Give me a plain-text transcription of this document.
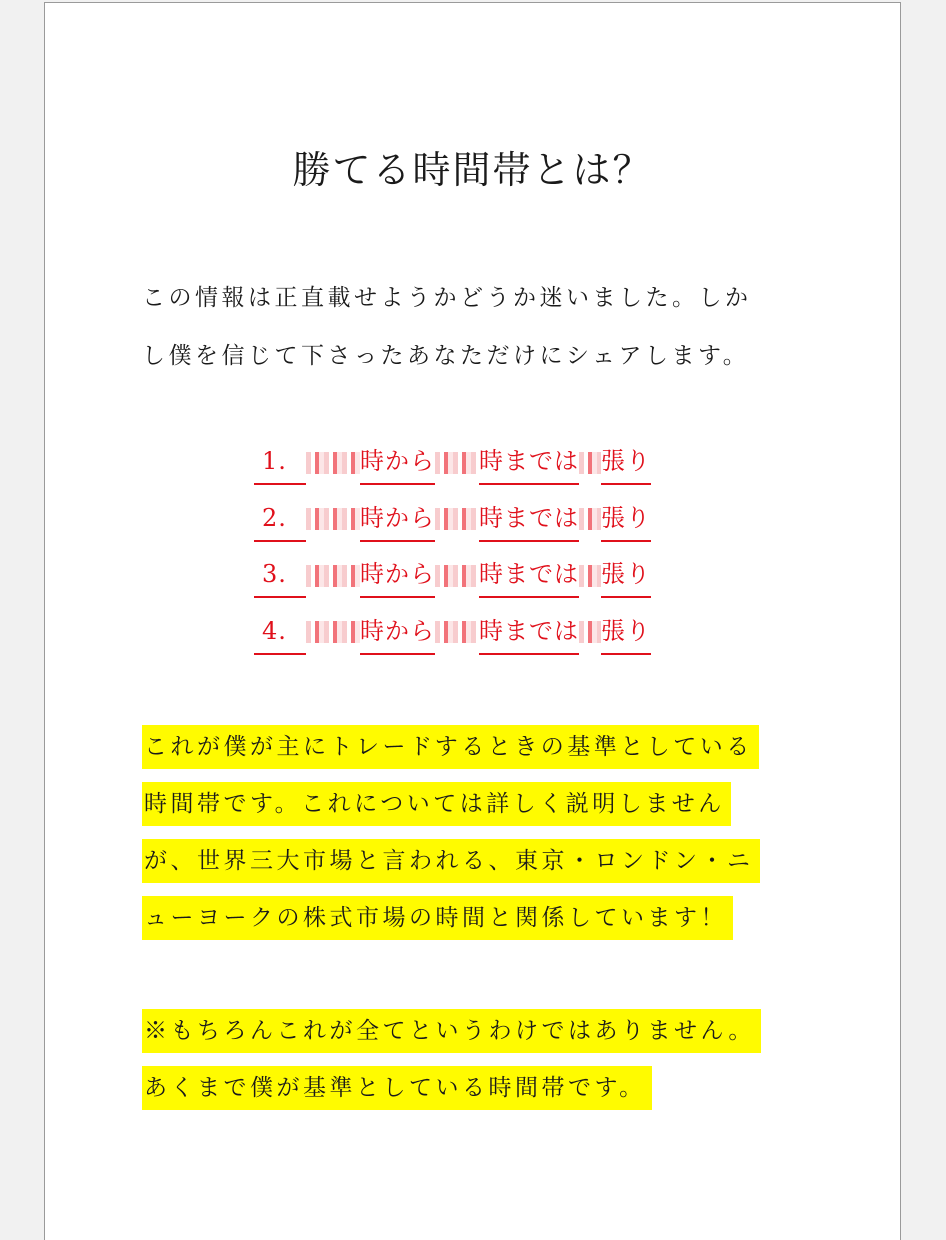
勝てる時間帯とは？

この情報は正直載せようかどうか迷いました。しか
し僕を信じて下さったあなただけにシェアします。

1.	時から 時までは 張り
2.	時から 時までは 張り
3.	時から 時までは 張り
4.	時から 時までは 張り

これが僕が主にトレードするときの基準としている
時間帯です。これについては詳しく説明しません
が、世界三大市場と言われる、東京・ロンドン・ニ
ューヨークの株式市場の時間と関係しています！

※もちろんこれが全てというわけではありません。
あくまで僕が基準としている時間帯です。
